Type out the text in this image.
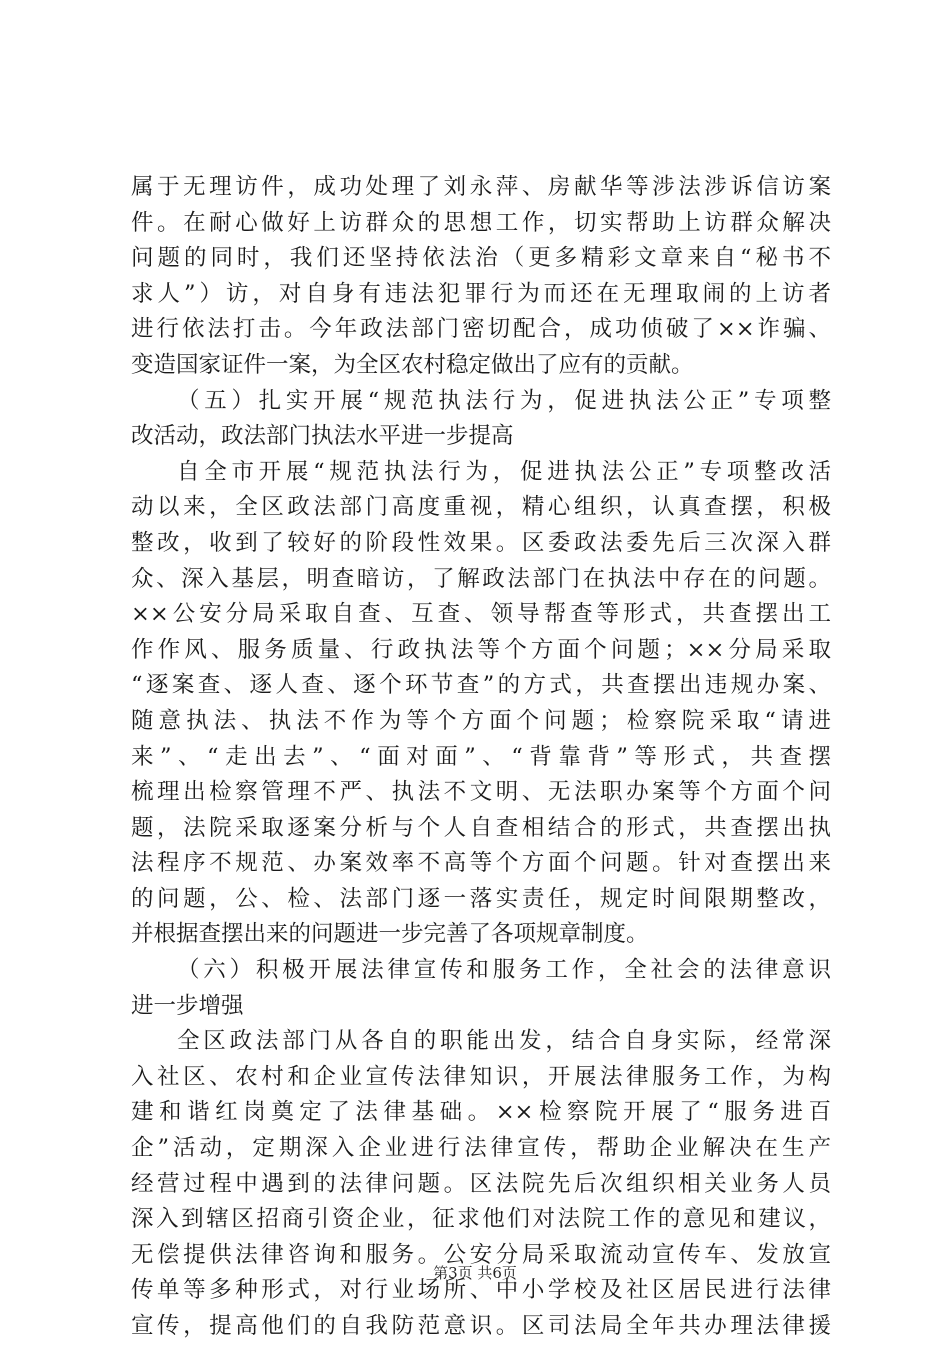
属于无理访件，成功处理了刘永萍、房献华等涉法涉诉信访案
件。在耐心做好上访群众的思想工作，切实帮助上访群众解决
问题的同时，我们还坚持依法治（更多精彩文章来自“秘书不
求人”）访，对自身有违法犯罪行为而还在无理取闹的上访者
进行依法打击。今年政法部门密切配合，成功侦破了××诈骗、
变造国家证件一案，为全区农村稳定做出了应有的贡献。
（五）扎实开展“规范执法行为，促进执法公正”专项整
改活动，政法部门执法水平进一步提高
自全市开展“规范执法行为，促进执法公正”专项整改活
动以来，全区政法部门高度重视，精心组织，认真查摆，积极
整改，收到了较好的阶段性效果。区委政法委先后三次深入群
众、深入基层，明查暗访，了解政法部门在执法中存在的问题。
××公安分局采取自查、互查、领导帮查等形式，共查摆出工
作作风、服务质量、行政执法等个方面个问题；××分局采取
“逐案查、逐人查、逐个环节查”的方式，共查摆出违规办案、
随意执法、执法不作为等个方面个问题；检察院采取“请进
来”、“走出去”、“面对面”、“背靠背”等形式，共查摆
梳理出检察管理不严、执法不文明、无法职办案等个方面个问
题，法院采取逐案分析与个人自查相结合的形式，共查摆出执
法程序不规范、办案效率不高等个方面个问题。针对查摆出来
的问题，公、检、法部门逐一落实责任，规定时间限期整改，
并根据查摆出来的问题进一步完善了各项规章制度。
（六）积极开展法律宣传和服务工作，全社会的法律意识
进一步增强
全区政法部门从各自的职能出发，结合自身实际，经常深
入社区、农村和企业宣传法律知识，开展法律服务工作，为构
建和谐红岗奠定了法律基础。××检察院开展了“服务进百
企”活动，定期深入企业进行法律宣传，帮助企业解决在生产
经营过程中遇到的法律问题。区法院先后次组织相关业务人员
深入到辖区招商引资企业，征求他们对法院工作的意见和建议，
无偿提供法律咨询和服务。公安分局采取流动宣传车、发放宣
传单等多种形式，对行业场所、中小学校及社区居民进行法律
宣传，提高他们的自我防范意识。区司法局全年共办理法律援
第3页 共6页
